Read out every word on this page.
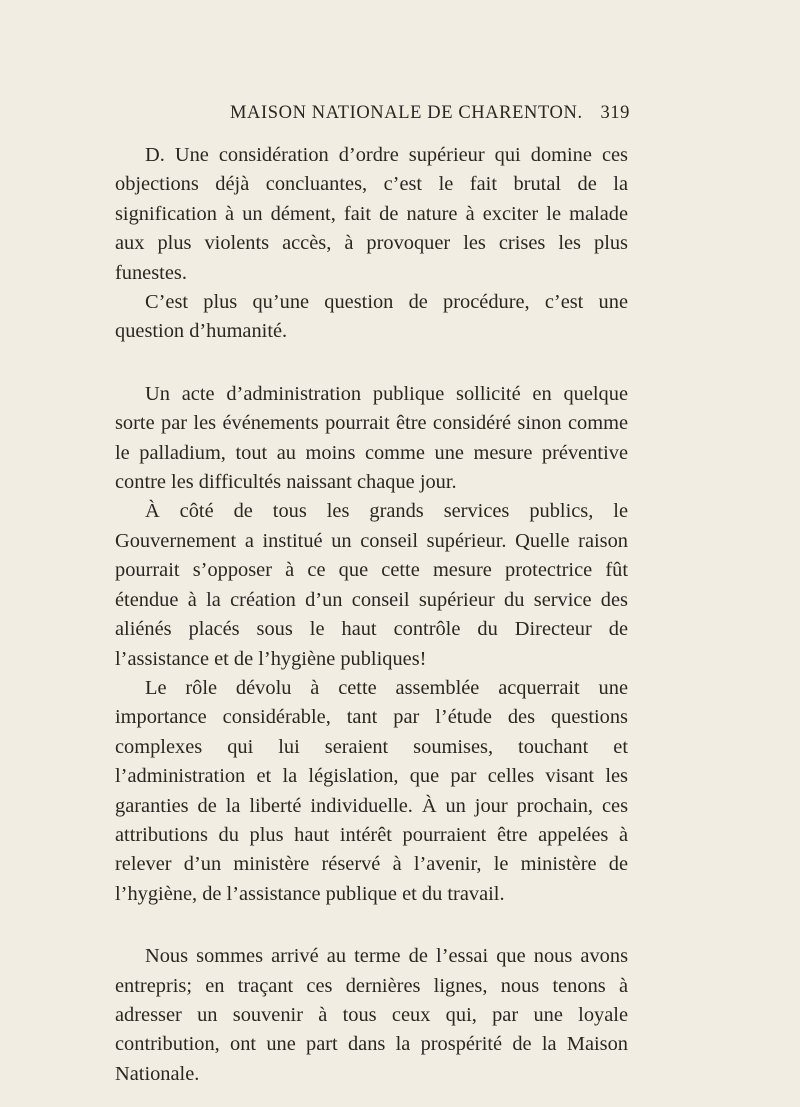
MAISON NATIONALE DE CHARENTON. 319

D. Une considération d’ordre supérieur qui domine ces objections déjà concluantes, c’est le fait brutal de la signification à un dément, fait de nature à exciter le malade aux plus violents accès, à provoquer les crises les plus funestes.

C’est plus qu’une question de procédure, c’est une question d’humanité.

Un acte d’administration publique sollicité en quelque sorte par les événements pourrait être considéré sinon comme le palladium, tout au moins comme une mesure préventive contre les difficultés naissant chaque jour.

À côté de tous les grands services publics, le Gouvernement a institué un conseil supérieur. Quelle raison pourrait s’opposer à ce que cette mesure protectrice fût étendue à la création d’un conseil supérieur du service des aliénés placés sous le haut contrôle du Directeur de l’assistance et de l’hygiène publiques!

Le rôle dévolu à cette assemblée acquerrait une importance considérable, tant par l’étude des questions complexes qui lui seraient soumises, touchant et l’administration et la législation, que par celles visant les garanties de la liberté individuelle. À un jour prochain, ces attributions du plus haut intérêt pourraient être appelées à relever d’un ministère réservé à l’avenir, le ministère de l’hygiène, de l’assistance publique et du travail.

Nous sommes arrivé au terme de l’essai que nous avons entrepris; en traçant ces dernières lignes, nous tenons à adresser un souvenir à tous ceux qui, par une loyale contribution, ont une part dans la prospérité de la Maison Nationale.
